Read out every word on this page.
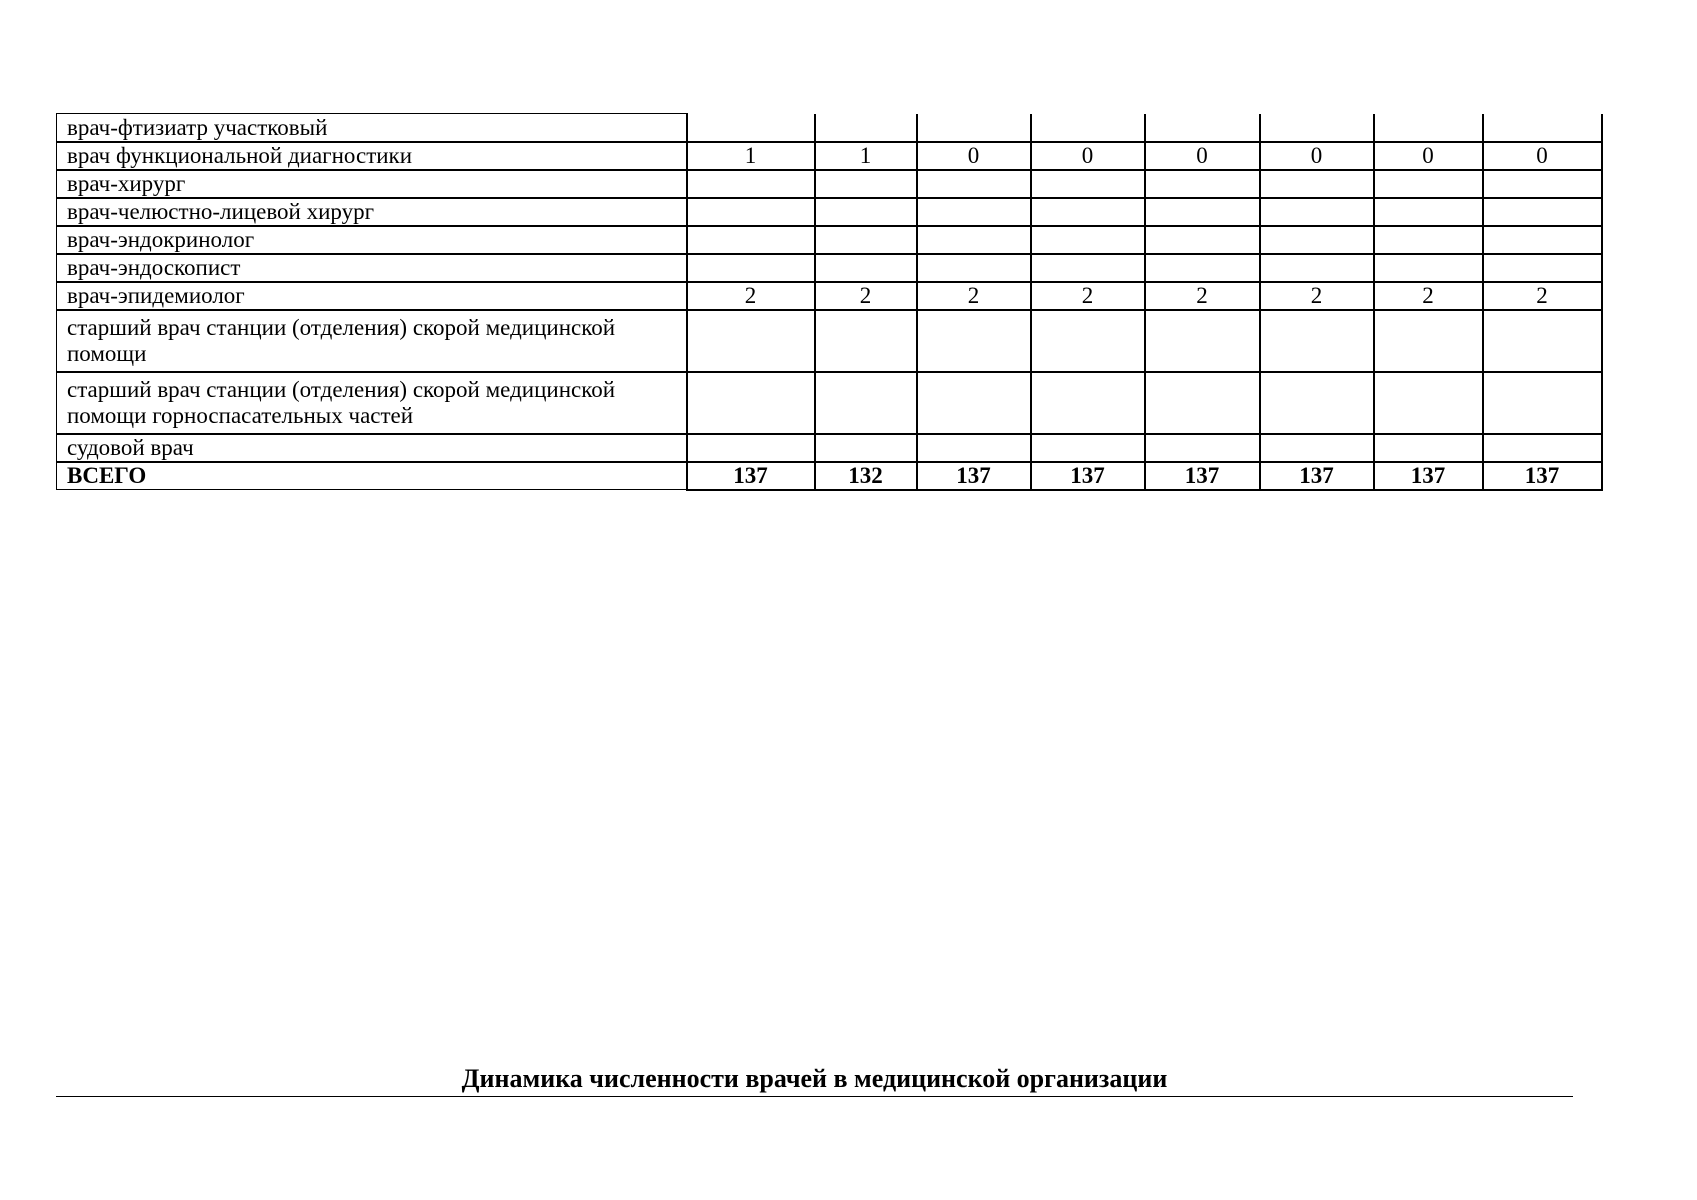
врач-фтизиатр участковый								
врач функциональной диагностики	1	1	0	0	0	0	0	0
врач-хирург								
врач-челюстно-лицевой хирург								
врач-эндокринолог								
врач-эндоскопист								
врач-эпидемиолог	2	2	2	2	2	2	2	2
старший врач станции (отделения) скорой медицинской помощи								
старший врач станции (отделения) скорой медицинской помощи горноспасательных частей								
судовой врач								
ВСЕГО	137	132	137	137	137	137	137	137
Динамика численности врачей в медицинской организации
